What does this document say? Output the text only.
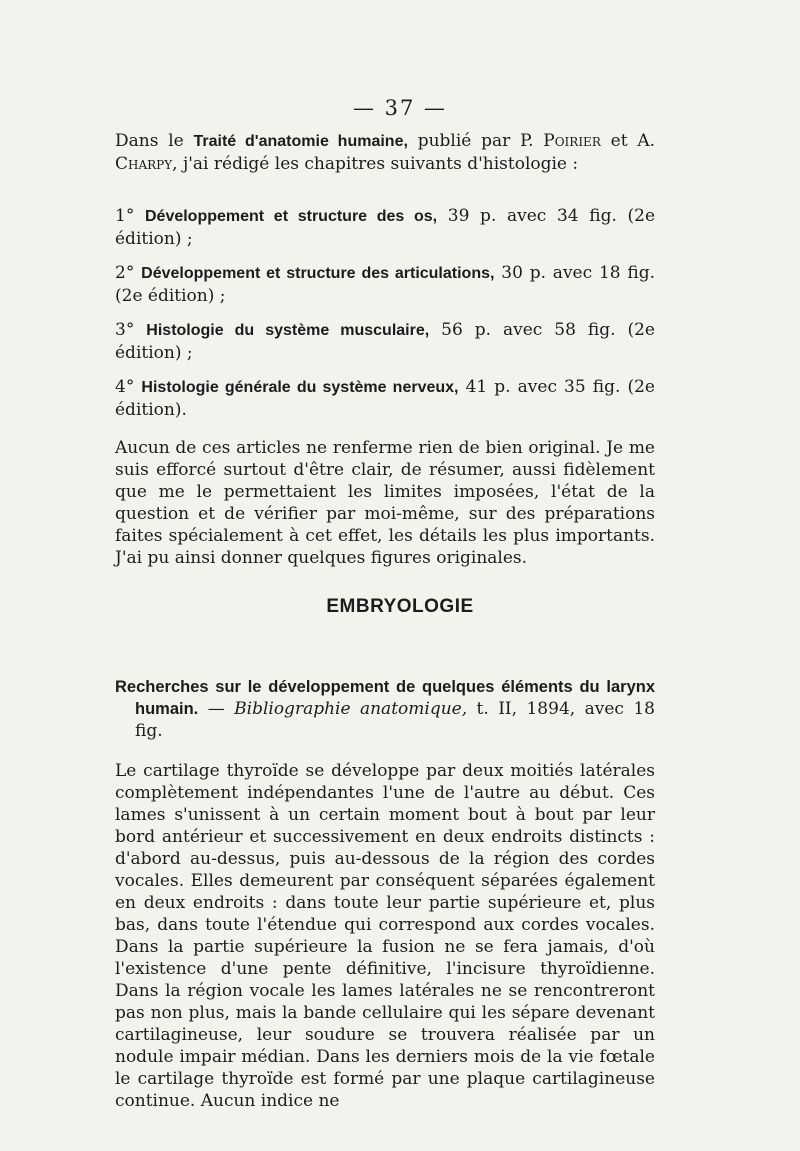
— 37 —

Dans le Traité d'anatomie humaine, publié par P. Poirier et A. Charpy, j'ai rédigé les chapitres suivants d'histologie :

1° Développement et structure des os, 39 p. avec 34 fig. (2e édition) ;

2° Développement et structure des articulations, 30 p. avec 18 fig. (2e édition) ;

3° Histologie du système musculaire, 56 p. avec 58 fig. (2e édition) ;

4° Histologie générale du système nerveux, 41 p. avec 35 fig. (2e édition).

Aucun de ces articles ne renferme rien de bien original. Je me suis efforcé surtout d'être clair, de résumer, aussi fidèlement que me le permettaient les limites imposées, l'état de la question et de vérifier par moi-même, sur des préparations faites spécialement à cet effet, les détails les plus importants. J'ai pu ainsi donner quelques figures originales.

EMBRYOLOGIE

Recherches sur le développement de quelques éléments du larynx humain. — Bibliographie anatomique, t. II, 1894, avec 18 fig.

Le cartilage thyroïde se développe par deux moitiés latérales complètement indépendantes l'une de l'autre au début. Ces lames s'unissent à un certain moment bout à bout par leur bord antérieur et successivement en deux endroits distincts : d'abord au-dessus, puis au-dessous de la région des cordes vocales. Elles demeurent par conséquent séparées également en deux endroits : dans toute leur partie supérieure et, plus bas, dans toute l'étendue qui correspond aux cordes vocales. Dans la partie supérieure la fusion ne se fera jamais, d'où l'existence d'une pente définitive, l'incisure thyroïdienne. Dans la région vocale les lames latérales ne se rencontreront pas non plus, mais la bande cellulaire qui les sépare devenant cartilagineuse, leur soudure se trouvera réalisée par un nodule impair médian. Dans les derniers mois de la vie fœtale le cartilage thyroïde est formé par une plaque cartilagineuse continue. Aucun indice ne
